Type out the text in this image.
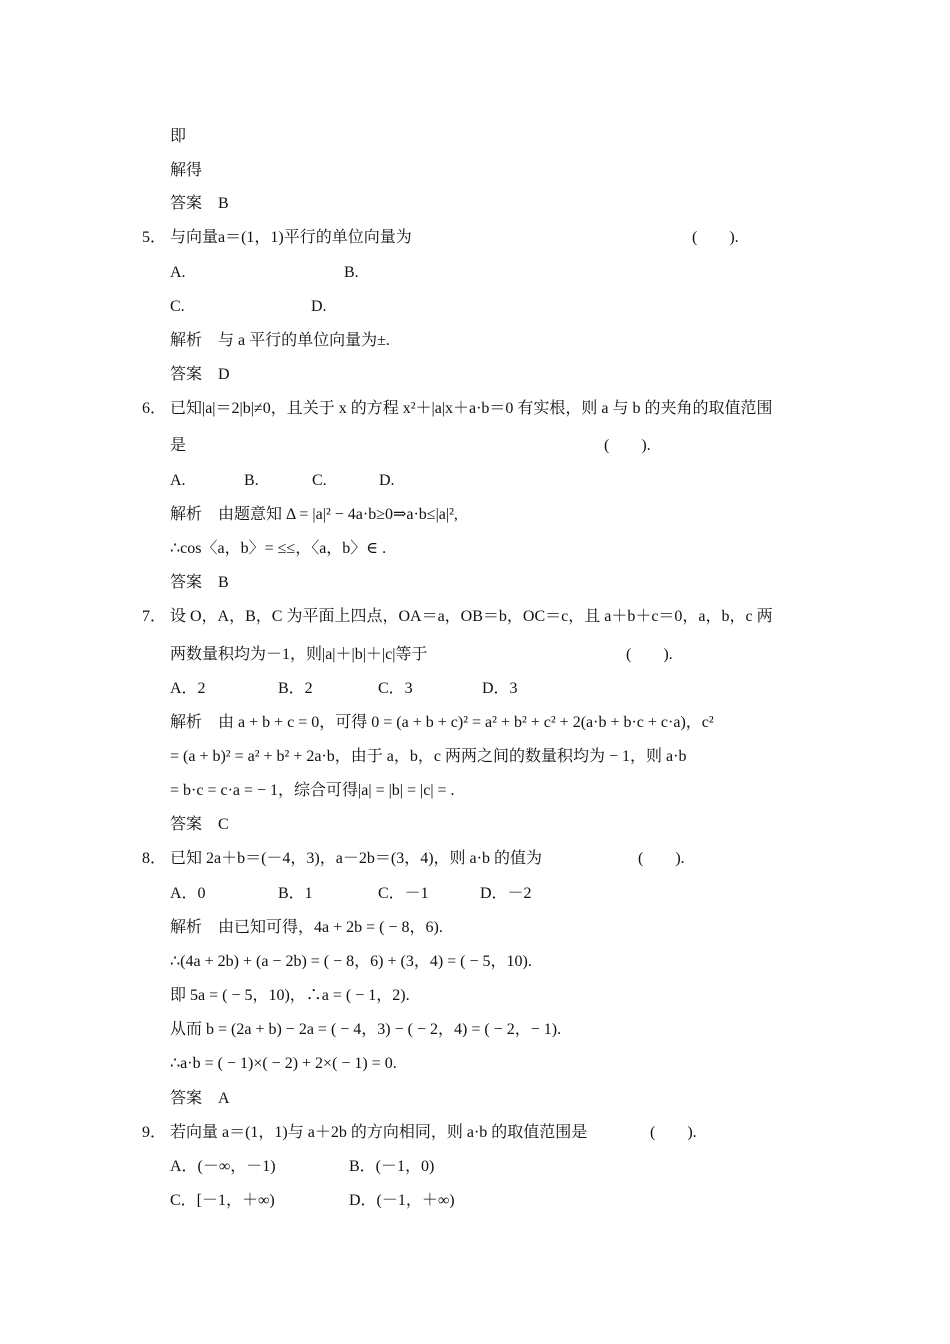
即
解得
答案　B
5． 与向量a＝(1，1)平行的单位向量为	(　　).
A.	B.
C.	D.
解析　与 a 平行的单位向量为±.
答案　D
6． 已知|a|＝2|b|≠0，且关于 x 的方程 x²＋|a|x＋a·b＝0 有实根，则 a 与 b 的夹角的取值范围
是	(　　).
A.	B.	C.	D.
解析　由题意知 Δ = |a|² − 4a·b≥0⇒a·b≤|a|²,
∴cos〈a，b〉= ≤≤，〈a，b〉∈ .
答案　B
7． 设 O，A，B，C 为平面上四点，OA＝a，OB＝b，OC＝c，且 a＋b＋c＝0，a，b，c 两
两数量积均为－1，则|a|＋|b|＋|c|等于	(　　).
A．2	B．2	C．3	D．3
解析　由 a + b + c = 0，可得 0 = (a + b + c)² = a² + b² + c² + 2(a·b + b·c + c·a)，c²
= (a + b)² = a² + b² + 2a·b，由于 a，b，c 两两之间的数量积均为 − 1，则 a·b
= b·c = c·a = − 1，综合可得|a| = |b| = |c| = .
答案　C
8． 已知 2a＋b＝(－4，3)，a－2b＝(3，4)，则 a·b 的值为	(　　).
A．0	B．1	C．－1	D．－2
解析　由已知可得，4a + 2b = ( − 8，6).
∴(4a + 2b) + (a − 2b) = ( − 8，6) + (3，4) = ( − 5，10).
即 5a = ( − 5，10)，∴a = ( − 1，2).
从而 b = (2a + b) − 2a = ( − 4，3) − ( − 2，4) = ( − 2，− 1).
∴a·b = ( − 1)×( − 2) + 2×( − 1) = 0.
答案　A
9． 若向量 a＝(1，1)与 a＋2b 的方向相同，则 a·b 的取值范围是	(　　).
A．(－∞，－1)	B．(－1，0)
C．[－1，＋∞)	D．(－1，＋∞)
